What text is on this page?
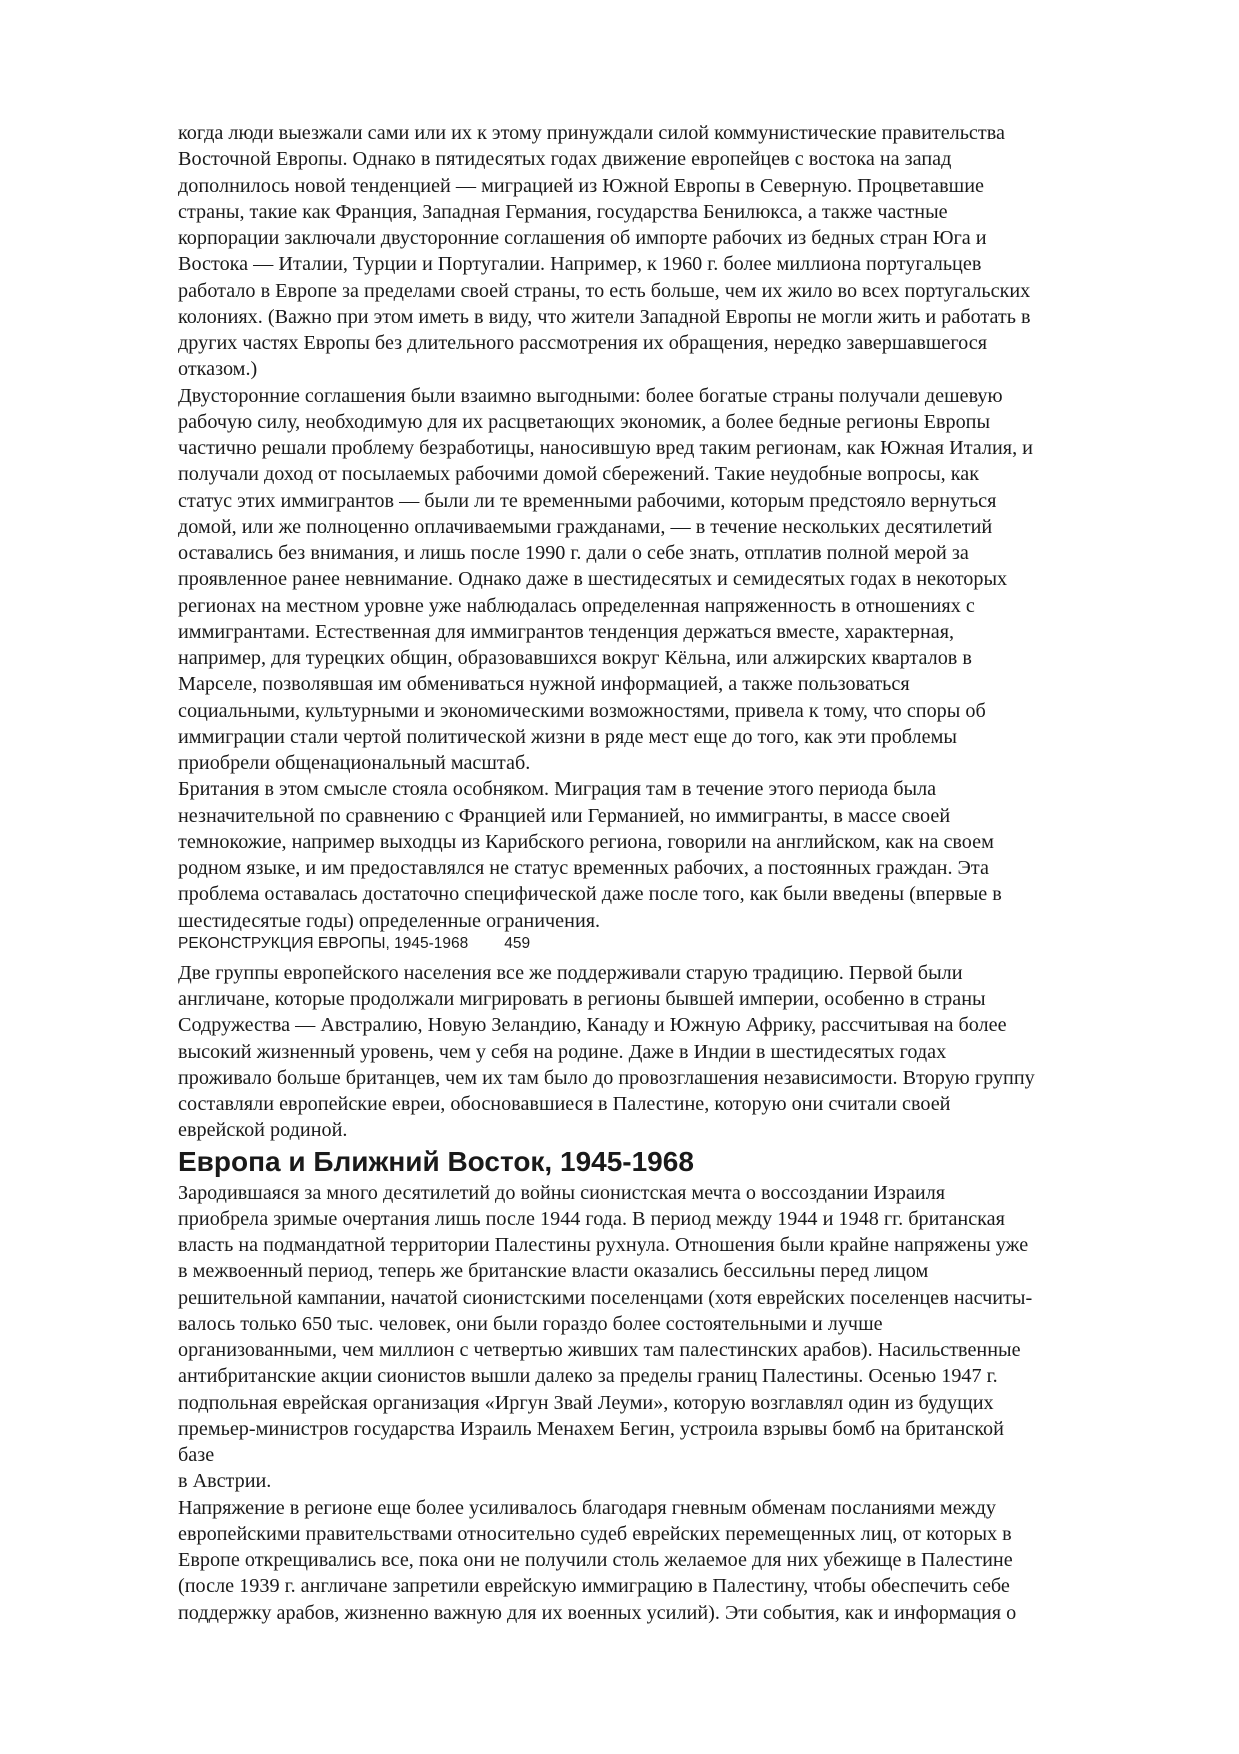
когда люди выезжали сами или их к этому принуждали силой коммунистические правительства
Восточной Европы. Однако в пятидесятых годах движение европейцев с востока на запад
дополнилось новой тенденцией — миграцией из Южной Европы в Северную. Процветавшие
страны, такие как Франция, Западная Германия, государства Бенилюкса, а также частные
корпорации заключали двусторонние соглашения об импорте рабочих из бедных стран Юга и
Востока — Италии, Турции и Португалии. Например, к 1960 г. более миллиона португальцев
работало в Европе за пределами своей страны, то есть больше, чем их жило во всех португальских
колониях. (Важно при этом иметь в виду, что жители Западной Европы не могли жить и работать в
других частях Европы без длительного рассмотрения их обращения, нередко завершавшегося
отказом.)
Двусторонние соглашения были взаимно выгодными: более богатые страны получали дешевую
рабочую силу, необходимую для их расцветающих экономик, а более бедные регионы Европы
частично решали проблему безработицы, наносившую вред таким регионам, как Южная Италия, и
получали доход от посылаемых рабочими домой сбережений. Такие неудобные вопросы, как
статус этих иммигрантов — были ли те временными рабочими, которым предстояло вернуться
домой, или же полноценно оплачиваемыми гражданами, — в течение нескольких десятилетий
оставались без внимания, и лишь после 1990 г. дали о себе знать, отплатив полной мерой за
проявленное ранее невнимание. Однако даже в шестидесятых и семидесятых годах в некоторых
регионах на местном уровне уже наблюдалась определенная напряженность в отношениях с
иммигрантами. Естественная для иммигрантов тенденция держаться вместе, характерная,
например, для турецких общин, образовавшихся вокруг Кёльна, или алжирских кварталов в
Марселе, позволявшая им обмениваться нужной информацией, а также пользоваться
социальными, культурными и экономическими возможностями, привела к тому, что споры об
иммиграции стали чертой политической жизни в ряде мест еще до того, как эти проблемы
приобрели общенациональный масштаб.
Британия в этом смысле стояла особняком. Миграция там в течение этого периода была
незначительной по сравнению с Францией или Германией, но иммигранты, в массе своей
темнокожие, например выходцы из Карибского региона, говорили на английском, как на своем
родном языке, и им предоставлялся не статус временных рабочих, а постоянных граждан. Эта
проблема оставалась достаточно специфической даже после того, как были введены (впервые в
шестидесятые годы) определенные ограничения.
РЕКОНСТРУКЦИЯ ЕВРОПЫ, 1945-1968 459
Две группы европейского населения все же поддерживали старую традицию. Первой были
англичане, которые продолжали мигрировать в регионы бывшей империи, особенно в страны
Содружества — Австралию, Новую Зеландию, Канаду и Южную Африку, рассчитывая на более
высокий жизненный уровень, чем у себя на родине. Даже в Индии в шестидесятых годах
проживало больше британцев, чем их там было до провозглашения независимости. Вторую группу
составляли европейские евреи, обосновавшиеся в Палестине, которую они считали своей
еврейской родиной.
Европа и Ближний Восток, 1945-1968
Зародившаяся за много десятилетий до войны сионистская мечта о воссоздании Израиля
приобрела зримые очертания лишь после 1944 года. В период между 1944 и 1948 гг. британская
власть на подмандатной территории Палестины рухнула. Отношения были крайне напряжены уже
в межвоенный период, теперь же британские власти оказались бессильны перед лицом
решительной кампании, начатой сионистскими поселенцами (хотя еврейских поселенцев насчиты-
валось только 650 тыс. человек, они были гораздо более состоятельными и лучше
организованными, чем миллион с четвертью живших там палестинских арабов). Насильственные
антибританские акции сионистов вышли далеко за пределы границ Палестины. Осенью 1947 г.
подпольная еврейская организация «Иргун Звай Леуми», которую возглавлял один из будущих
премьер-министров государства Израиль Менахем Бегин, устроила взрывы бомб на британской
базе
в Австрии.
Напряжение в регионе еще более усиливалось благодаря гневным обменам посланиями между
европейскими правительствами относительно судеб еврейских перемещенных лиц, от которых в
Европе открещивались все, пока они не получили столь желаемое для них убежище в Палестине
(после 1939 г. англичане запретили еврейскую иммиграцию в Палестину, чтобы обеспечить себе
поддержку арабов, жизненно важную для их военных усилий). Эти события, как и информация о
